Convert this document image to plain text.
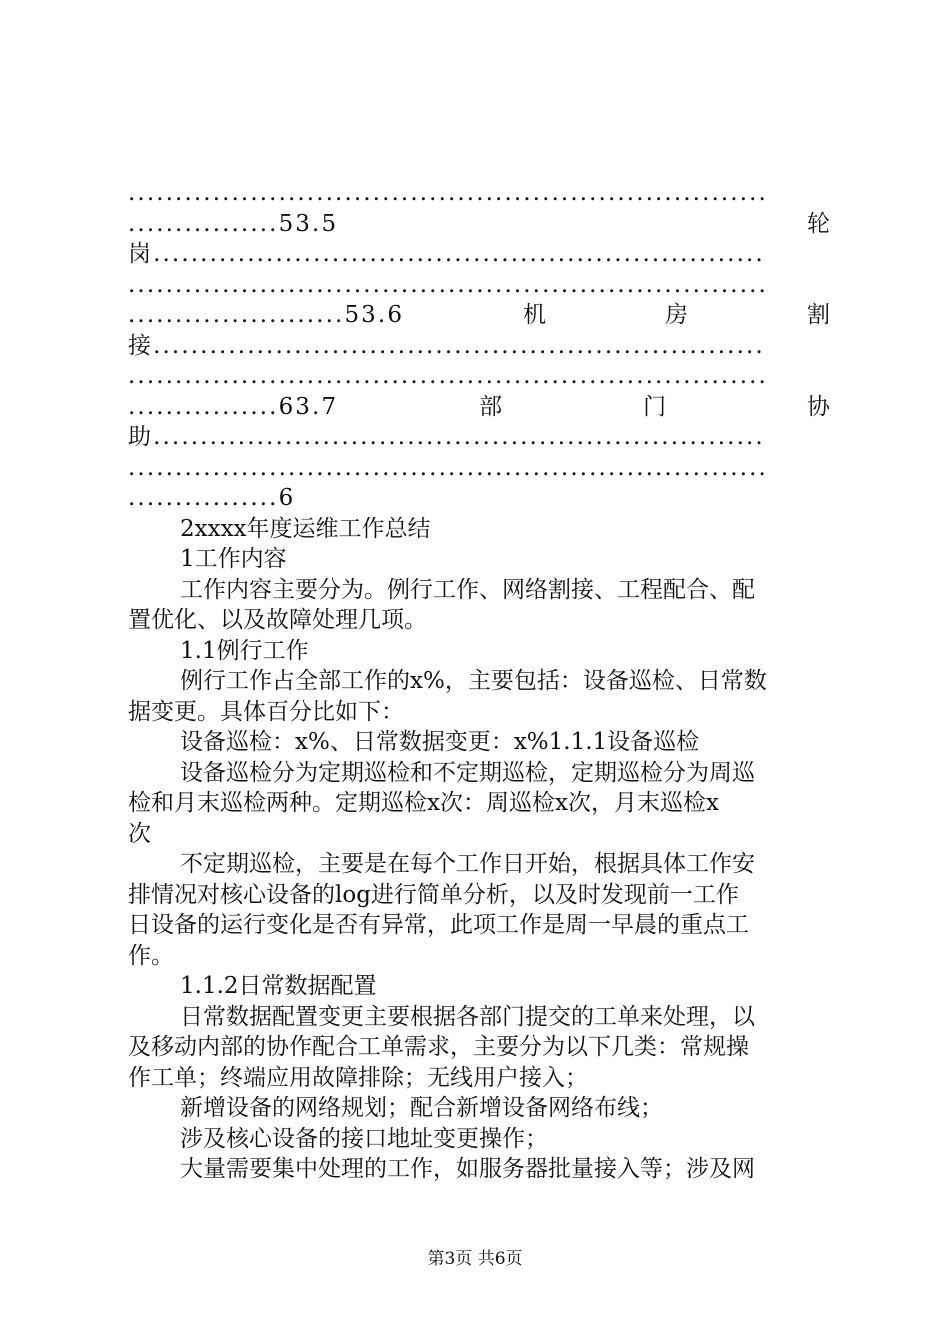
....................................................................
................53.5	轮
岗.................................................................
....................................................................
.......................53.6	机	房	割
接.................................................................
....................................................................
................63.7	部	门	协
助.................................................................
....................................................................
................6
2xxxx年度运维工作总结
1工作内容
工作内容主要分为。例行工作、网络割接、工程配合、配
置优化、以及故障处理几项。
1.1例行工作
例行工作占全部工作的x%，主要包括：设备巡检、日常数
据变更。具体百分比如下：
设备巡检：x%、日常数据变更：x%1.1.1设备巡检
设备巡检分为定期巡检和不定期巡检，定期巡检分为周巡
检和月末巡检两种。定期巡检x次：周巡检x次，月末巡检x
次
不定期巡检，主要是在每个工作日开始，根据具体工作安
排情况对核心设备的log进行简单分析，以及时发现前一工作
日设备的运行变化是否有异常，此项工作是周一早晨的重点工
作。
1.1.2日常数据配置
日常数据配置变更主要根据各部门提交的工单来处理，以
及移动内部的协作配合工单需求，主要分为以下几类：常规操
作工单；终端应用故障排除；无线用户接入；
新增设备的网络规划；配合新增设备网络布线；
涉及核心设备的接口地址变更操作；
大量需要集中处理的工作，如服务器批量接入等；涉及网
第3页 共6页
